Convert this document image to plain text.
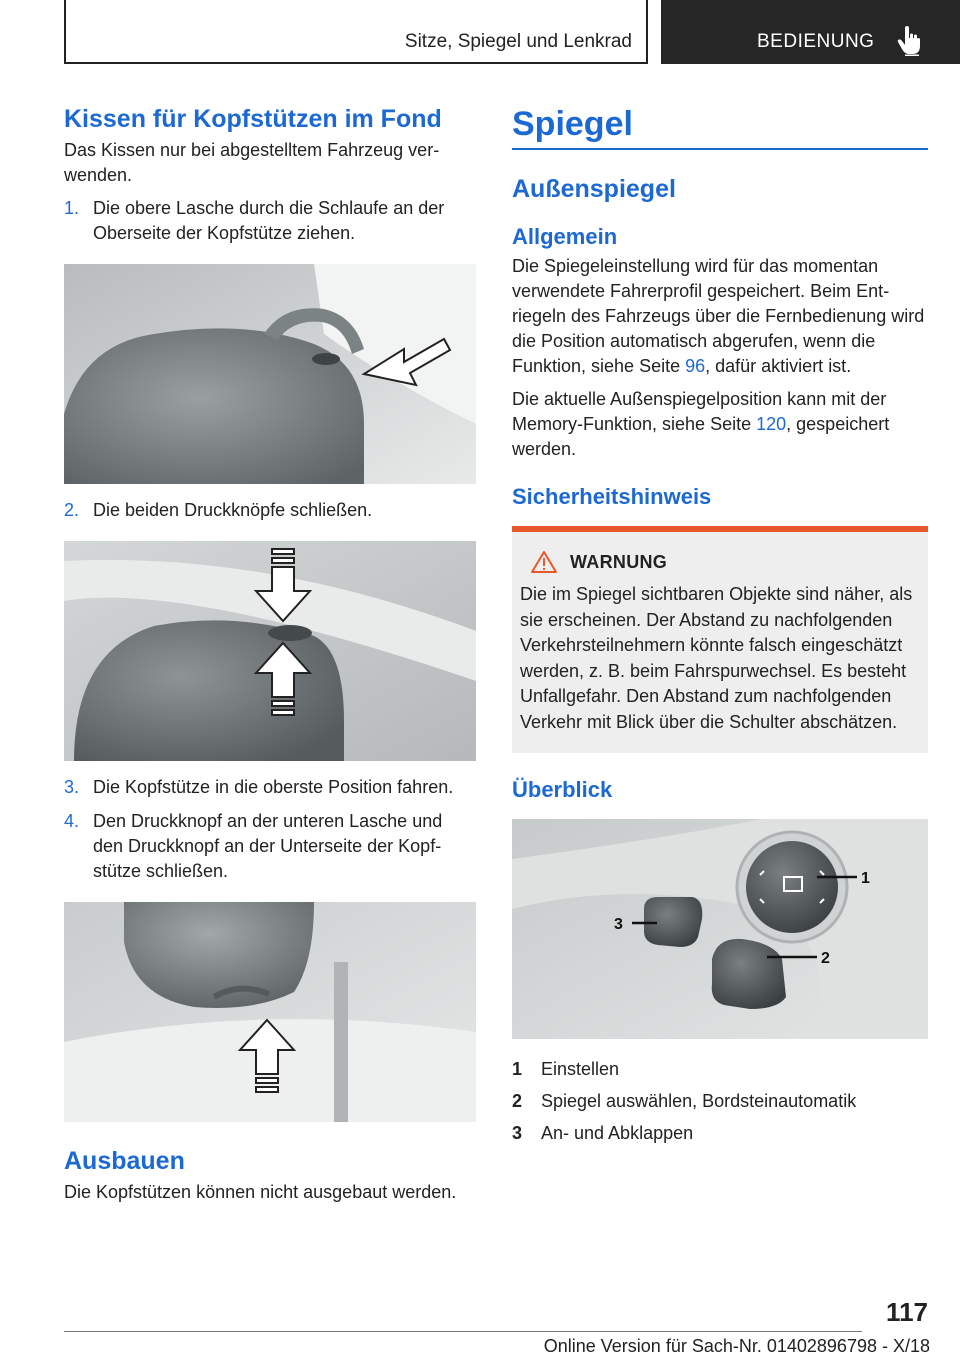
Sitze, Spiegel und Lenkrad	BEDIENUNG
Kissen für Kopfstützen im Fond

Das Kissen nur bei abgestelltem Fahrzeug verwenden.

1. Die obere Lasche durch die Schlaufe an der Oberseite der Kopfstütze ziehen.
2. Die beiden Druckknöpfe schließen.
3. Die Kopfstütze in die oberste Position fahren.
4. Den Druckknopf an der unteren Lasche und den Druckknopf an der Unterseite der Kopfstütze schließen.
Ausbauen

Die Kopfstützen können nicht ausgebaut werden.

Spiegel
Außenspiegel
Allgemein

Die Spiegeleinstellung wird für das momentan verwendete Fahrerprofil gespeichert. Beim Entriegeln des Fahrzeugs über die Fernbedienung wird die Position automatisch abgerufen, wenn die Funktion, siehe Seite 96, dafür aktiviert ist.

Die aktuelle Außenspiegelposition kann mit der Memory-Funktion, siehe Seite 120, gespeichert werden.

Sicherheitshinweis
WARNUNG
Die im Spiegel sichtbaren Objekte sind näher, als sie erscheinen. Der Abstand zu nachfolgenden Verkehrsteilnehmern könnte falsch eingeschätzt werden, z. B. beim Fahrspurwechsel. Es besteht Unfallgefahr. Den Abstand zum nachfolgenden Verkehr mit Blick über die Schulter abschätzen.
Überblick
1
2
3
1	Einstellen
2	Spiegel auswählen, Bordsteinautomatik
3	An- und Abklappen
117
Online Version für Sach-Nr. 01402896798 - X/18
